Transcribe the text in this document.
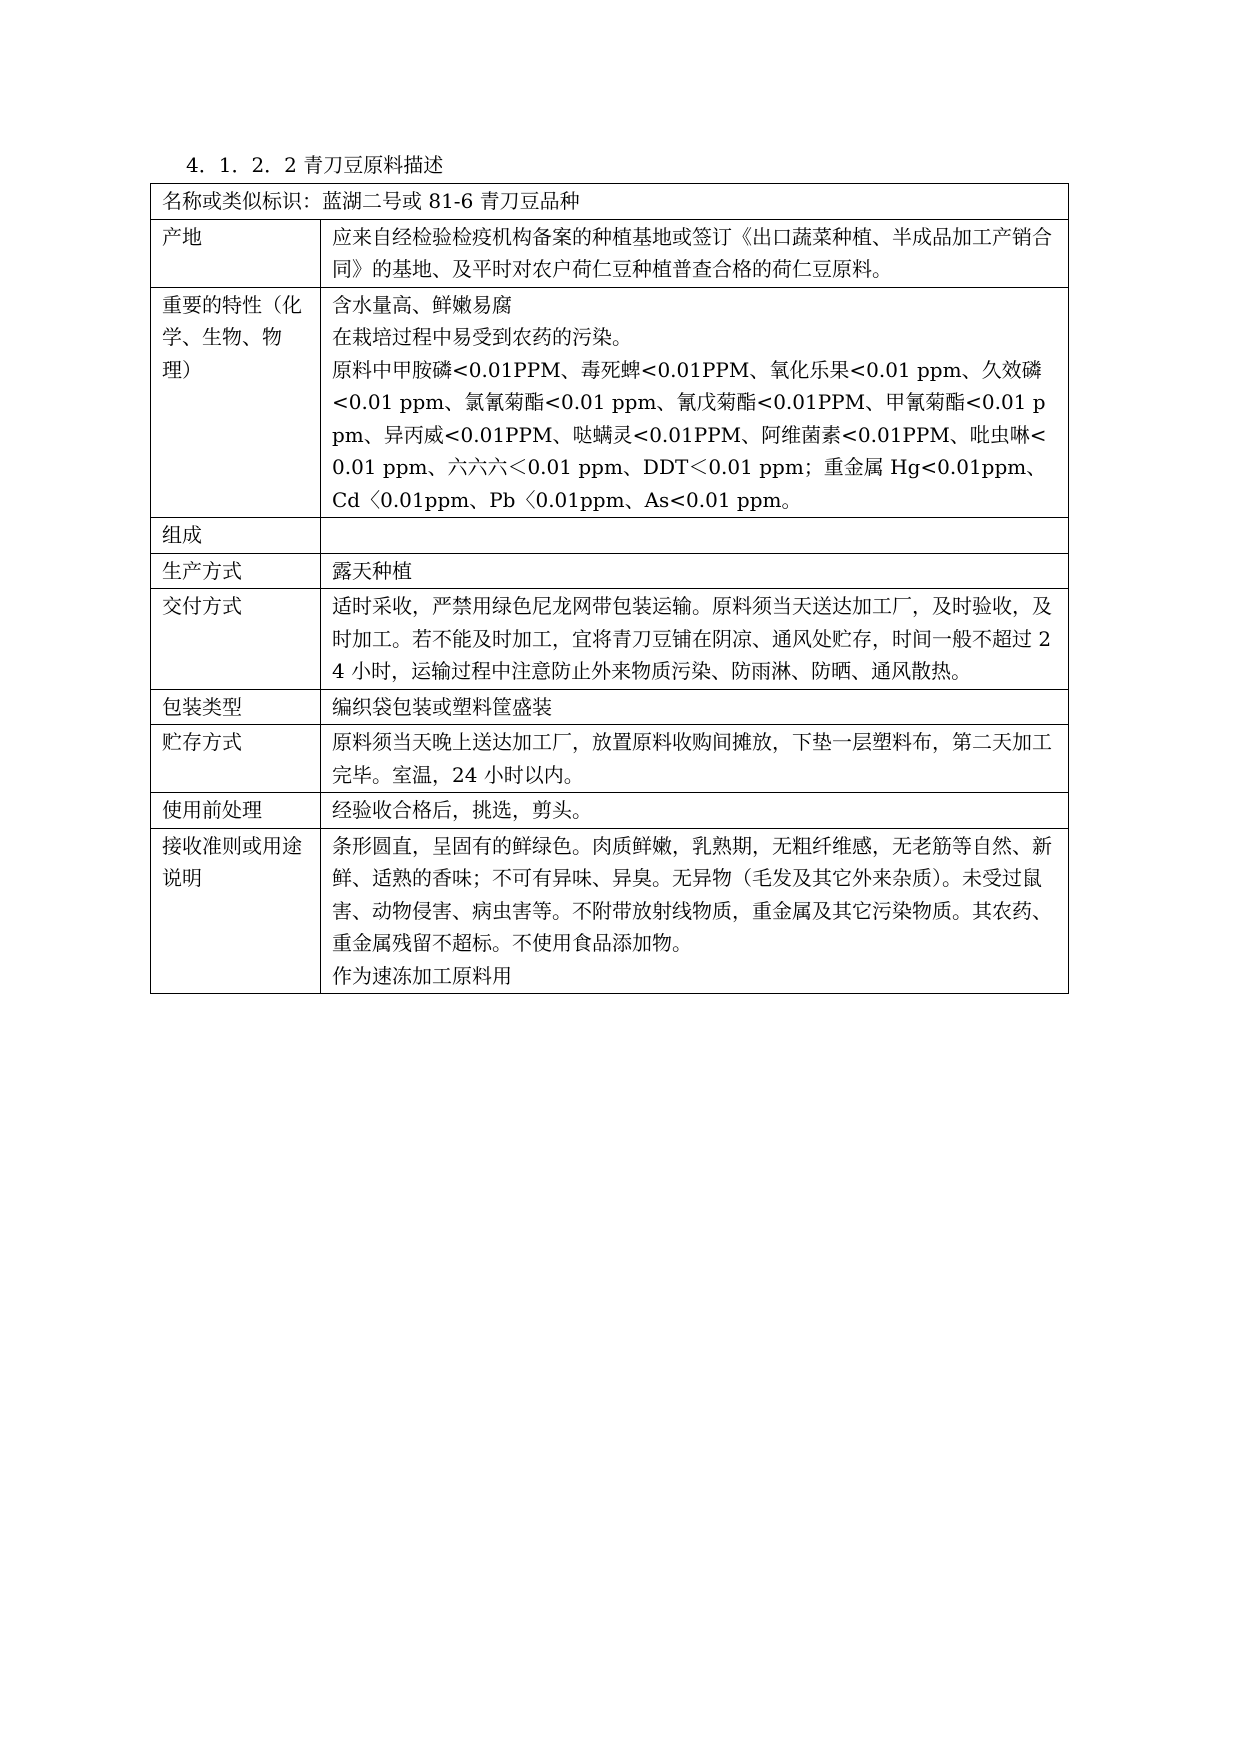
4．1．2．2 青刀豆原料描述
名称或类似标识：蓝湖二号或 81-6 青刀豆品种	
产地	应来自经检验检疫机构备案的种植基地或签订《出口蔬菜种植、半成品加工产销合同》的基地、及平时对农户荷仁豆种植普查合格的荷仁豆原料。

重要的特性（化学、生物、物理）	含水量高、鲜嫩易腐
在栽培过程中易受到农药的污染。
原料中甲胺磷<0.01PPM、毒死蜱<0.01PPM、氧化乐果<0.01 ppm、久效磷<0.01 ppm、氯氰菊酯<0.01 ppm、氰戊菊酯<0.01PPM、甲氰菊酯<0.01 ppm、异丙威<0.01PPM、哒螨灵<0.01PPM、阿维菌素<0.01PPM、吡虫啉<0.01 ppm、六六六＜0.01 ppm、DDT＜0.01 ppm；重金属 Hg<0.01ppm、Cd〈0.01ppm、Pb〈0.01ppm、As<0.01 ppm。

组成	

生产方式	露天种植

交付方式	适时采收，严禁用绿色尼龙网带包装运输。原料须当天送达加工厂，及时验收，及时加工。若不能及时加工，宜将青刀豆铺在阴凉、通风处贮存，时间一般不超过 24 小时，运输过程中注意防止外来物质污染、防雨淋、防晒、通风散热。

包装类型	编织袋包装或塑料筐盛装

贮存方式	原料须当天晚上送达加工厂，放置原料收购间摊放，下垫一层塑料布，第二天加工完毕。室温，24 小时以内。

使用前处理	经验收合格后，挑选，剪头。

接收准则或用途说明	条形圆直，呈固有的鲜绿色。肉质鲜嫩，乳熟期，无粗纤维感，无老筋等自然、新鲜、适熟的香味；不可有异味、异臭。无异物（毛发及其它外来杂质）。未受过鼠害、动物侵害、病虫害等。不附带放射线物质，重金属及其它污染物质。其农药、重金属残留不超标。不使用食品添加物。
作为速冻加工原料用
